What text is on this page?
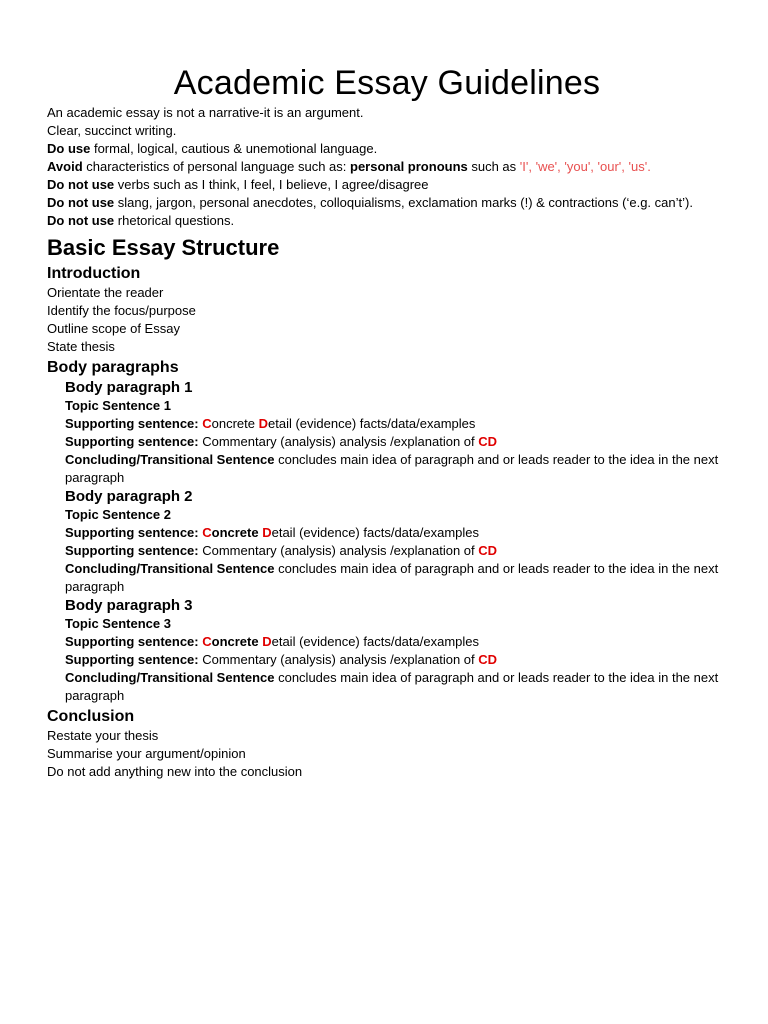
Academic Essay Guidelines
An academic essay is not a narrative-it is an argument.
Clear, succinct writing.
Do use formal, logical, cautious & unemotional language.
Avoid characteristics of personal language such as: personal pronouns such as 'I', 'we', 'you', 'our', 'us'.
Do not use verbs such as I think, I feel, I believe, I agree/disagree
Do not use slang, jargon, personal anecdotes, colloquialisms, exclamation marks (!) & contractions (‘e.g. can’t’).
Do not use rhetorical questions.
Basic Essay Structure
Introduction
Orientate the reader
Identify the focus/purpose
Outline scope of Essay
State thesis
Body paragraphs
Body paragraph 1
Topic Sentence 1
Supporting sentence: Concrete Detail (evidence) facts/data/examples
Supporting sentence: Commentary (analysis) analysis /explanation of CD
Concluding/Transitional Sentence concludes main idea of paragraph and or leads reader to the idea in the next paragraph
Body paragraph 2
Topic Sentence 2
Supporting sentence: Concrete Detail (evidence) facts/data/examples
Supporting sentence: Commentary (analysis) analysis /explanation of CD
Concluding/Transitional Sentence concludes main idea of paragraph and or leads reader to the idea in the next paragraph
Body paragraph 3
Topic Sentence 3
Supporting sentence: Concrete Detail (evidence) facts/data/examples
Supporting sentence: Commentary (analysis) analysis /explanation of CD
Concluding/Transitional Sentence concludes main idea of paragraph and or leads reader to the idea in the next paragraph
Conclusion
Restate your thesis
Summarise your argument/opinion
Do not add anything new into the conclusion
